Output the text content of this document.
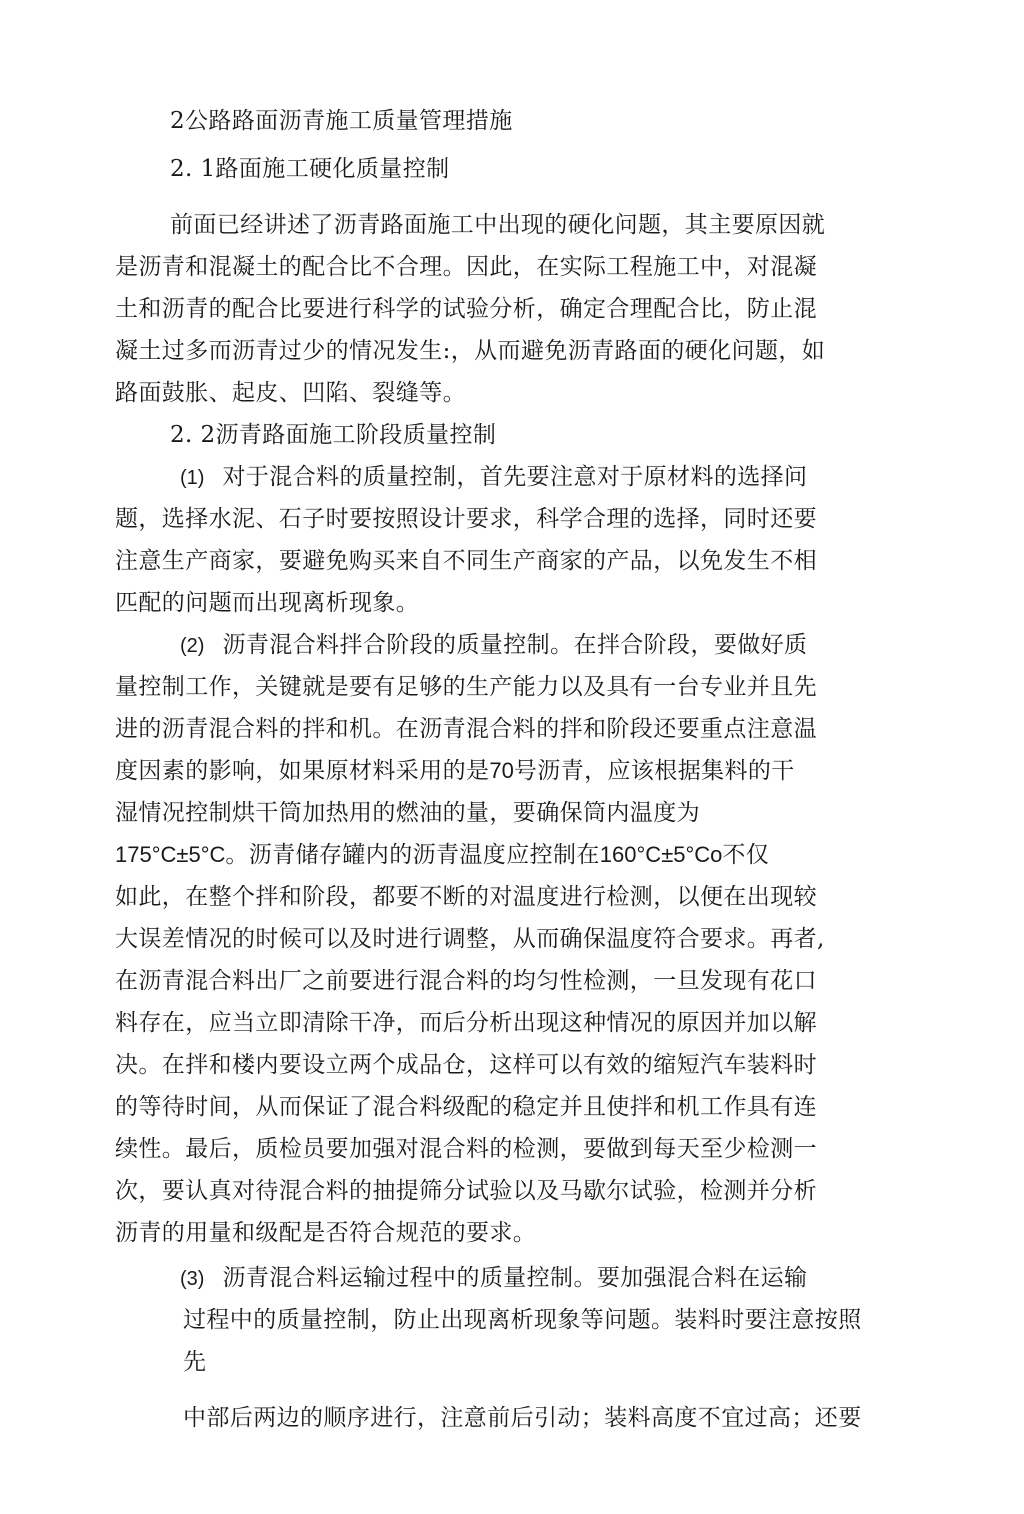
2公路路面沥青施工质量管理措施
2. 1路面施工硬化质量控制
前面已经讲述了沥青路面施工中出现的硬化问题，其主要原因就
是沥青和混凝土的配合比不合理。因此，在实际工程施工中，对混凝
土和沥青的配合比要进行科学的试验分析，确定合理配合比，防止混
凝土过多而沥青过少的情况发生:，从而避免沥青路面的硬化问题，如
路面鼓胀、起皮、凹陷、裂缝等。
2. 2沥青路面施工阶段质量控制
(1) 对于混合料的质量控制，首先要注意对于原材料的选择问
题，选择水泥、石子时要按照设计要求，科学合理的选择，同时还要
注意生产商家，要避免购买来自不同生产商家的产品，以免发生不相
匹配的问题而出现离析现象。
(2) 沥青混合料拌合阶段的质量控制。在拌合阶段，要做好质
量控制工作，关键就是要有足够的生产能力以及具有一台专业并且先
进的沥青混合料的拌和机。在沥青混合料的拌和阶段还要重点注意温
度因素的影响，如果原材料采用的是70号沥青，应该根据集料的干
湿情况控制烘干筒加热用的燃油的量，要确保筒内温度为
175°C±5°C。沥青储存罐内的沥青温度应控制在160°C±5°Co不仅
如此，在整个拌和阶段，都要不断的对温度进行检测，以便在出现较
大误差情况的时候可以及时进行调整，从而确保温度符合要求。再者,
在沥青混合料出厂之前要进行混合料的均匀性检测，一旦发现有花口
料存在，应当立即清除干净，而后分析出现这种情况的原因并加以解
决。在拌和楼内要设立两个成品仓，这样可以有效的缩短汽车装料时
的等待时间，从而保证了混合料级配的稳定并且使拌和机工作具有连
续性。最后，质检员要加强对混合料的检测，要做到每天至少检测一
次，要认真对待混合料的抽提筛分试验以及马歇尔试验，检测并分析
沥青的用量和级配是否符合规范的要求。
(3) 沥青混合料运输过程中的质量控制。要加强混合料在运输
过程中的质量控制，防止出现离析现象等问题。装料时要注意按照
先
中部后两边的顺序进行，注意前后引动；装料高度不宜过高；还要
